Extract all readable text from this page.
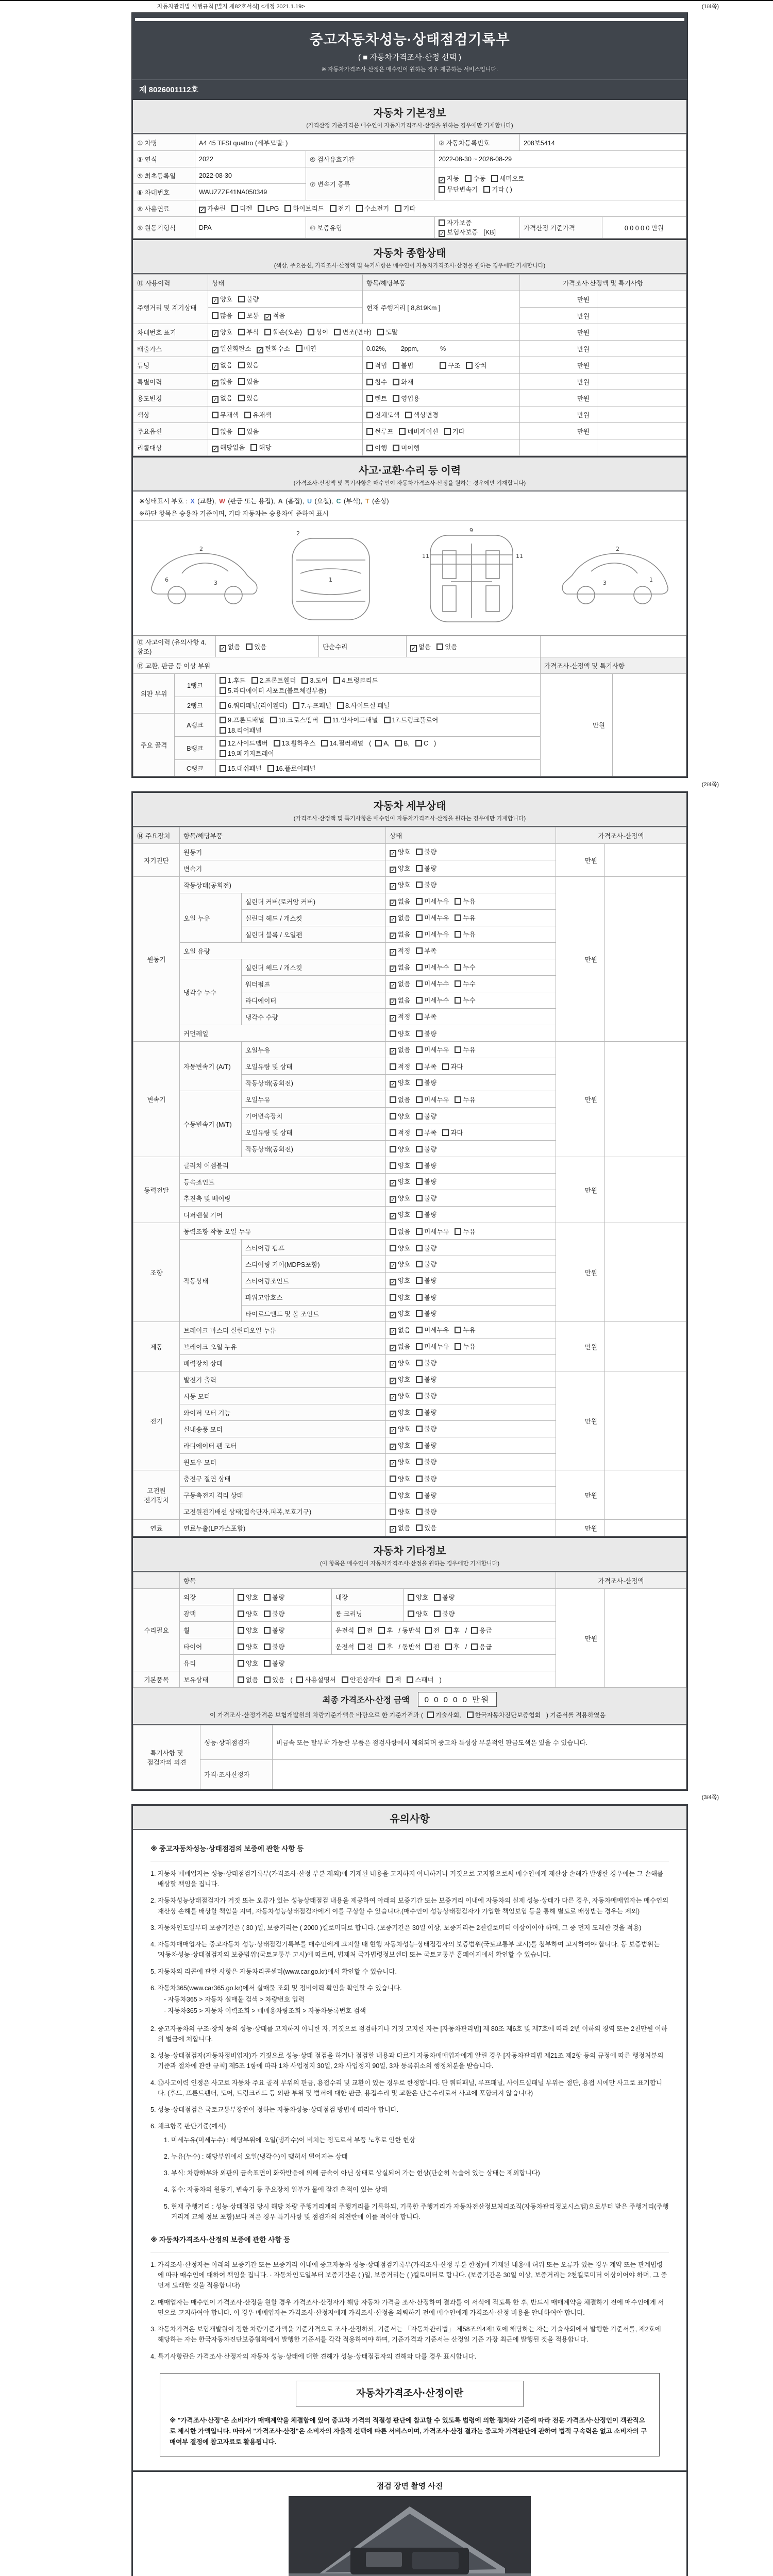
자동차관리법 시행규칙 [별지 제82호서식] <개정 2021.1.19>	(1/4쪽)
중고자동차성능·상태점검기록부
( ■ 자동차가격조사·산정 선택 )
※ 자동차가격조사·산정은 매수인이 원하는 경우 제공하는 서비스입니다.
제 8026001112호
자동차 기본정보
(가격산정 기준가격은 매수인이 자동차가격조사·산정을 원하는 경우에만 기재합니다)
① 차명	A4 45 TFSI quattro (세부모델: )		② 자동차등록번호	208보5414	
③ 연식	2022	④ 검사유효기간	2022-08-30 ~ 2026-08-29		
⑤ 최초등록일	2022-08-30	⑦ 변속기 종류	✓ 자동 수동 세미오토
무단변속기 기타 ( )		

⑥ 차대번호	WAUZZZF41NA050349				
⑧ 사용연료	✓ 가솔린 디젤 LPG 하이브리드 전기 수소전기 기타				
⑨ 원동기형식	DPA	⑩ 보증유형	자가보증✓ 보험사보증 [KB]	가격산정 기준가격	0 0 0 0 0 만원
자동차 종합상태
(색상, 주요옵션, 가격조사·산정액 및 특기사항은 매수인이 자동차가격조사·산정을 원하는 경우에만 기재합니다)
⑪ 사용이력	상태	항목/해당부품	가격조사·산정액 및 특기사항	
주행거리 및 계기상태	✓ 양호 불량	현재 주행거리 [ 8,819Km ]	만원	
	많음 보통 ✓ 적음		만원	
차대번호 표기	✓ 양호 부식 훼손(오손) 상이 변조(변타) 도말		만원	
배출가스	✓ 일산화탄소 ✓ 탄화수소 매연	0.02%,        2ppm,            %	만원	
튜닝	✓ 없음 있음	적법 불법 구조 장치	만원	
특별이력	✓ 없음 있음	침수 화재	만원	
용도변경	✓ 없음 있음	렌트 영업용	만원	
색상	무채색 유채색	전체도색 색상변경	만원	
주요옵션	없음 있음	썬루프 네비게이션 기타	만원	
리콜대상	✓ 해당없음 해당	이행 미이행		
사고·교환·수리 등 이력
(가격조사·산정액 및 특기사항은 매수인이 자동차가격조사·산정을 원하는 경우에만 기재합니다)
※상태표시 부호 : X (교환), W (판금 또는 용접), A (흠집), U (요철), C (부식), T (손상)
※하단 항목은 승용차 기준이며, 기타 자동차는 승용차에 준하여 표시
2
3	1
2	9
11	11
2
3
6	1
⑫ 사고이력 (유의사항 4.참조)		✓ 없음 있음	단순수리	✓ 없음 있음		
⑬ 교환, 판금 등 이상 부위					가격조사·산정액 및 특기사항	
외판 부위	1랭크	1.후드 2.프론트휀더 3.도어 4.트렁크리드
5.라디에이터 서포트(볼트체결부품)			만원	
	2랭크	6.쿼터패널(리어휀다) 7.루프패널 8.사이드실 패널				
주요 골격	A랭크	9.프론트패널 10.크로스멤버 11.인사이드패널 17.트렁크플로어
18.리어패널				

	B랭크	12.사이드멤버 13.휠하우스 14.필러패널 ( A, B, C )
19.패키지트레이				

	C랭크	15.대쉬패널 16.플로어패널				
(2/4쪽)
자동차 세부상태
(가격조사·산정액 및 특기사항은 매수인이 자동차가격조사·산정을 원하는 경우에만 기재합니다)
⑭ 주요장치	항목/해당부품		상태	가격조사·산정액	
자기진단	원동기		✓ 양호 불량	만원	
	변속기		✓ 양호 불량		
원동기	작동상태(공회전)		✓ 양호 불량	만원	
	오일 누유	실린더 커버(로커암 커버)	✓ 없음 미세누유 누유		
		실린더 헤드 / 개스킷	✓ 없음 미세누유 누유		
		실린더 블록 / 오일팬	✓ 없음 미세누유 누유		
	오일 유량		✓ 적정 부족		
	냉각수 누수	실린더 헤드 / 개스킷	✓ 없음 미세누수 누수		
		워터펌프	✓ 없음 미세누수 누수		
		라디에이터	✓ 없음 미세누수 누수		
		냉각수 수량	✓ 적정 부족		
	커먼레일		양호 불량		
변속기	자동변속기 (A/T)	오일누유	✓ 없음 미세누유 누유	만원	
		오일유량 및 상태	적정 부족 과다		
		작동상태(공회전)	✓ 양호 불량		
	수동변속기 (M/T)	오일누유	없음 미세누유 누유		
		기어변속장치	양호 불량		
		오일유량 및 상태	적정 부족 과다		
		작동상태(공회전)	양호 불량		
동력전달	클러치 어셈블리		양호 불량	만원	
	등속죠인트		✓ 양호 불량		
	추진축 및 베어링		✓ 양호 불량		
	디퍼렌셜 기어		✓ 양호 불량		
조향	동력조향 작동 오일 누유		없음 미세누유 누유	만원	
	작동상태	스티어링 펌프	양호 불량		
		스티어링 기어(MDPS포함)	✓ 양호 불량		
		스티어링조인트	✓ 양호 불량		
		파워고압호스	양호 불량		
		타이로드엔드 및 볼 조인트	✓ 양호 불량		
제동	브레이크 마스터 실린더오일 누유		✓ 없음 미세누유 누유	만원	
	브레이크 오일 누유		✓ 없음 미세누유 누유		
	배력장치 상태		✓ 양호 불량		
전기	발전기 출력		✓ 양호 불량	만원	
	시동 모터		✓ 양호 불량		
	와이퍼 모터 기능		✓ 양호 불량		
	실내송풍 모터		✓ 양호 불량		
	라디에이터 팬 모터		✓ 양호 불량		
	윈도우 모터		✓ 양호 불량		
고전원 전기장치	충전구 절연 상태		양호 불량	만원	
	구동축전지 격리 상태		양호 불량		
	고전원전기배선 상태(접속단자,피복,보호기구)		양호 불량		
연료	연료누출(LP가스포함)		✓ 없음 있음	만원	
자동차 기타정보
(이 항목은 매수인이 자동차가격조사·산정을 원하는 경우에만 기재합니다)
	항목				가격조사·산정액	
수리필요	외장	양호 불량	내장	양호 불량	만원	
	광택	양호 불량	룸 크리닝	양호 불량		
	휠	양호 불량	운전석 전 후 / 동반석 전 후 / 응급			
	타이어	양호 불량	운전석 전 후 / 동반석 전 후 / 응급			
	유리	양호 불량				
기본품목	보유상태	없음 있음 ( 사용설명서 안전삼각대 잭 스패너 )				
최종 가격조사·산정 금액	0 0 0 0 0 만원
이 가격조사·산정가격은 보험개발원의 차량기준가액을 바탕으로 한 기준가격과 ( 기술사회, 한국자동차진단보증협회 ) 기준서를 적용하였음
특기사항 및 점검자의 의견	성능·상태점검자	비금속 또는 탈부착 가능한 부품은 점검사항에서 제외되며 중고차 특성상 부분적인 판금도색은 있을 수 있습니다.
	가격·조사산정자	
(3/4쪽)
유의사항
※ 중고자동차성능·상태점검의 보증에 관한 사항 등
1. 자동차 매매업자는 성능·상태점검기록부(가격조사·산정 부분 제외)에 기재된 내용을 고지하지 아니하거나 거짓으로 고지함으로써 매수인에게 재산상 손해가 발생한 경우에는 그 손해를 배상할 책임을 집니다.
2. 자동차성능상태점검자가 거짓 또는 오류가 있는 성능상태점검 내용을 제공하여 아래의 보증기간 또는 보증거리 이내에 자동차의 실제 성능·상태가 다른 경우, 자동차매매업자는 매수인의 재산상 손해를 배상할 책임을 지며, 자동차성능상태점검자에게 이를 구상할 수 있습니다.(매수인이 성능상태점검자가 가입한 책임보험 등을 통해 별도로 배상받는 경우는 제외)
3. 자동차인도일부터 보증기간은 ( 30 )일, 보증거리는 ( 2000 )킬로미터로 합니다. (보증기간은 30일 이상, 보증거리는 2천킬로미터 이상이어야 하며, 그 중 먼저 도래한 것을 적용)
4. 자동차매매업자는 중고자동차 성능·상태점검기록부를 매수인에게 고지할 때 현행 자동차성능·상태점검자의 보증범위(국토교통부 고시)를 첨부하여 고지하여야 합니다. 동 보증범위는 '자동차성능·상태점검자의 보증범위'(국토교통부 고시)에 따르며, 법제처 국가법령정보센터 또는 국토교통부 홈페이지에서 확인할 수 있습니다.
5. 자동차의 리콜에 관한 사항은 자동차리콜센터(www.car.go.kr)에서 확인할 수 있습니다.
6. 자동차365(www.car365.go.kr)에서 실매물 조회 및 정비이력 확인을 확인할 수 있습니다.
- 자동차365 > 자동차 실매물 검색 > 차량번호 입력
- 자동차365 > 자동차 이력조회 > 매매용차량조회 > 자동차등록번호 검색
2. 중고자동차의 구조·장치 등의 성능·상태를 고지하지 아니한 자, 거짓으로 점검하거나 거짓 고지한 자는 [자동차관리법] 제 80조 제6호 및 제7호에 따라 2년 이하의 징역 또는 2천만원 이하의 벌금에 처합니다.
3. 성능·상태점검자(자동차정비업자)가 거짓으로 성능·상태 점검을 하거나 점검한 내용과 다르게 자동차매매업자에게 알린 경우 [자동차관리법 제21조 제2항 등의 규정에 따른 행정처분의 기준과 절차에 관한 규칙] 제5조 1항에 따라 1차 사업정지 30일, 2차 사업정지 90일, 3차 등록취소의 행정처분을 받습니다.
4. ⑫사고이력 인정은 사고로 자동차 주요 골격 부위의 판금, 용접수리 및 교환이 있는 경우로 한정합니다. 단 쿼터패널, 루프패널, 사이드실패널 부위는 절단, 용접 시에만 사고로 표기합니다. (후드, 프론트펜더, 도어, 트렁크리드 등 외판 부위 및 범퍼에 대한 판금, 용접수리 및 교환은 단순수리로서 사고에 포함되지 않습니다)
5. 성능·상태점검은 국토교통부장관이 정하는 자동차성능·상태점검 방법에 따라야 합니다.
6. 체크항목 판단기준(예시)
1. 미세누유(미세누수) : 해당부위에 오일(냉각수)이 비치는 정도로서 부품 노후로 인한 현상
2. 누유(누수) : 해당부위에서 오일(냉각수)이 맺혀서 떨어지는 상태
3. 부식: 차량하부와 외판의 금속표면이 화학반응에 의해 금속이 아닌 상태로 상실되어 가는 현상(단순히 녹슬어 있는 상태는 제외합니다)
4. 침수: 자동차의 원동기, 변속기 등 주요장치 일부가 물에 잠긴 흔적이 있는 상태
5. 현재 주행거리 : 성능·상태점검 당시 해당 차량 주행거리계의 주행거리를 기록하되, 기록한 주행거리가 자동차전산정보처리조직(자동차관리정보시스템)으로부터 받은 주행거리(주행거리계 교체 정보 포함)보다 적은 경우 특기사항 및 점검자의 의견란에 이를 적어야 합니다.
※ 자동차가격조사·산정의 보증에 관한 사항 등
1. 가격조사·산정자는 아래의 보증기간 또는 보증거리 이내에 중고자동차 성능·상태점검기록부(가격조사·산정 부분 한정)에 기재된 내용에 허위 또는 오류가 있는 경우 계약 또는 관계법령에 따라 매수인에 대하여 책임을 집니다. · 자동차인도일부터 보증기간은 ( )일, 보증거리는 ( )킬로미터로 합니다. (보증기간은 30일 이상, 보증거리는 2천킬로미터 이상이어야 하며, 그 중 먼저 도래한 것을 적용합니다)
2. 매매업자는 매수인이 가격조사·산정을 원할 경우 가격조사·산정자가 해당 자동차 가격을 조사·산정하여 결과를 이 서식에 적도록 한 후, 반드시 매매계약을 체결하기 전에 매수인에게 서면으로 고지하여야 합니다. 이 경우 매매업자는 가격조사·산정자에게 가격조사·산정을 의뢰하기 전에 매수인에게 가격조사·산정 비용을 안내하여야 합니다.
3. 자동차가격은 보험개발원이 정한 차량기준가액을 기준가격으로 조사·산정하되, 기준서는 「자동차관리법」 제58조의4제1호에 해당하는 자는 기술사회에서 발행한 기준서를, 제2호에 해당하는 자는 한국자동차진단보증협회에서 발행한 기준서를 각각 적용하여야 하며, 기준가격과 기준서는 산정일 기준 가장 최근에 발행된 것을 적용합니다.
4. 특기사항란은 가격조사·산정자의 자동차 성능·상태에 대한 견해가 성능·상태점검자의 견해와 다를 경우 표시합니다.
자동차가격조사·산정이란
※ "가격조사·산정"은 소비자가 매매계약을 체결함에 있어 중고차 가격의 적절성 판단에 참고할 수 있도록 법령에 의한 절차와 기준에 따라 전문 가격조사·산정인이 객관적으로 제시한 가액입니다. 따라서 "가격조사·산정"은 소비자의 자율적 선택에 따른 서비스이며, 가격조사·산정 결과는 중고차 가격판단에 관하여 법적 구속력은 없고 소비자의 구매여부 결정에 참고자료로 활용됩니다.
점검 장면 촬영 사진
